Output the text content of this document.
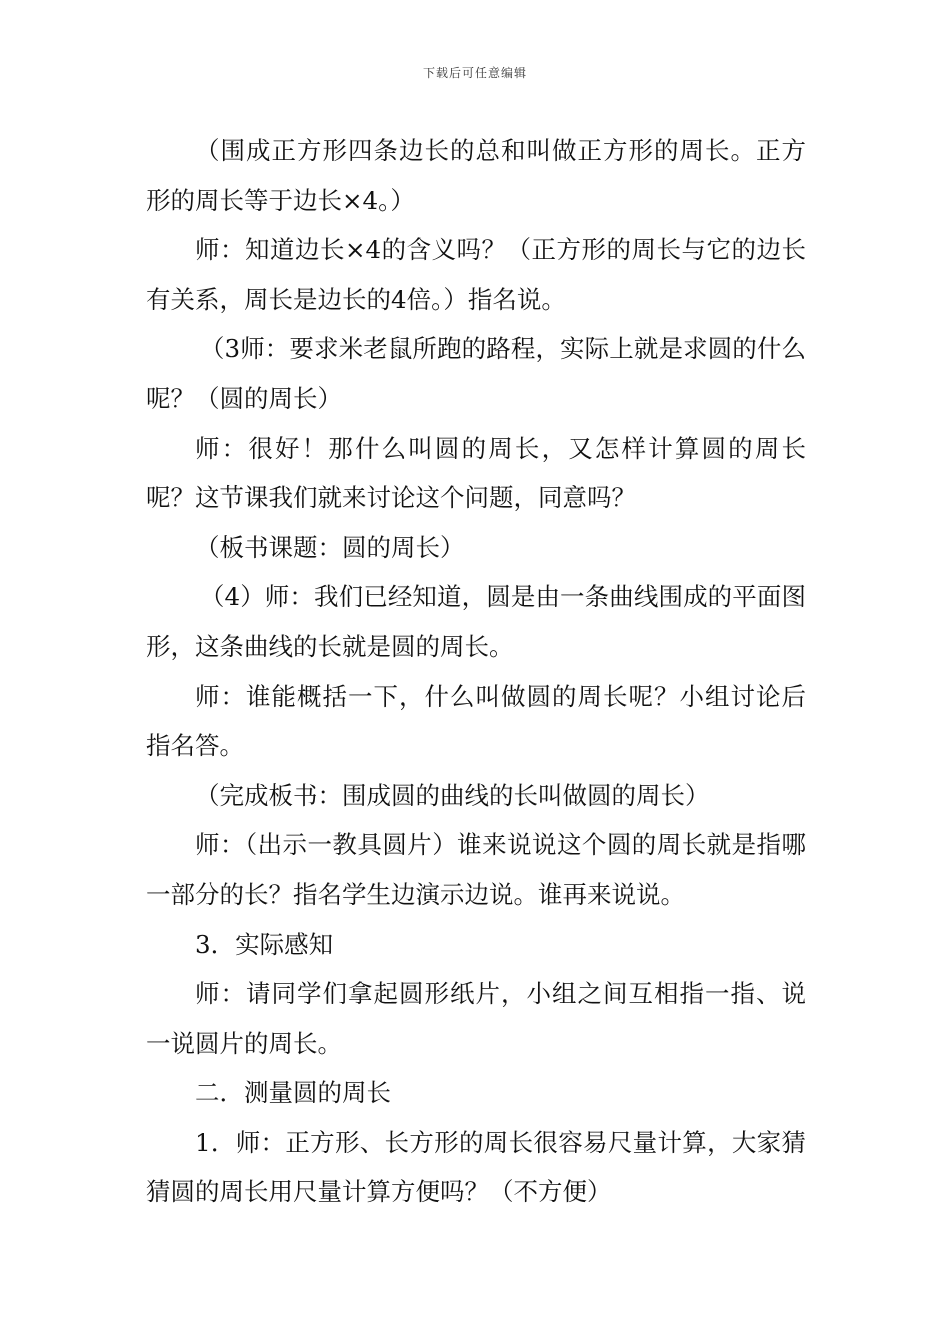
下载后可任意编辑

（围成正方形四条边长的总和叫做正方形的周长。正方形的周长等于边长×4。）

师：知道边长×4的含义吗？（正方形的周长与它的边长有关系，周长是边长的4倍。）指名说。

（3师：要求米老鼠所跑的路程，实际上就是求圆的什么呢？（圆的周长）

师：很好！那什么叫圆的周长，又怎样计算圆的周长呢？这节课我们就来讨论这个问题，同意吗？

（板书课题：圆的周长）

（4）师：我们已经知道，圆是由一条曲线围成的平面图形，这条曲线的长就是圆的周长。

师：谁能概括一下，什么叫做圆的周长呢？小组讨论后指名答。

（完成板书：围成圆的曲线的长叫做圆的周长）

师：（出示一教具圆片）谁来说说这个圆的周长就是指哪一部分的长？指名学生边演示边说。谁再来说说。

3．实际感知

师：请同学们拿起圆形纸片，小组之间互相指一指、说一说圆片的周长。

二．测量圆的周长

1．师：正方形、长方形的周长很容易尺量计算，大家猜猜圆的周长用尺量计算方便吗？（不方便）
